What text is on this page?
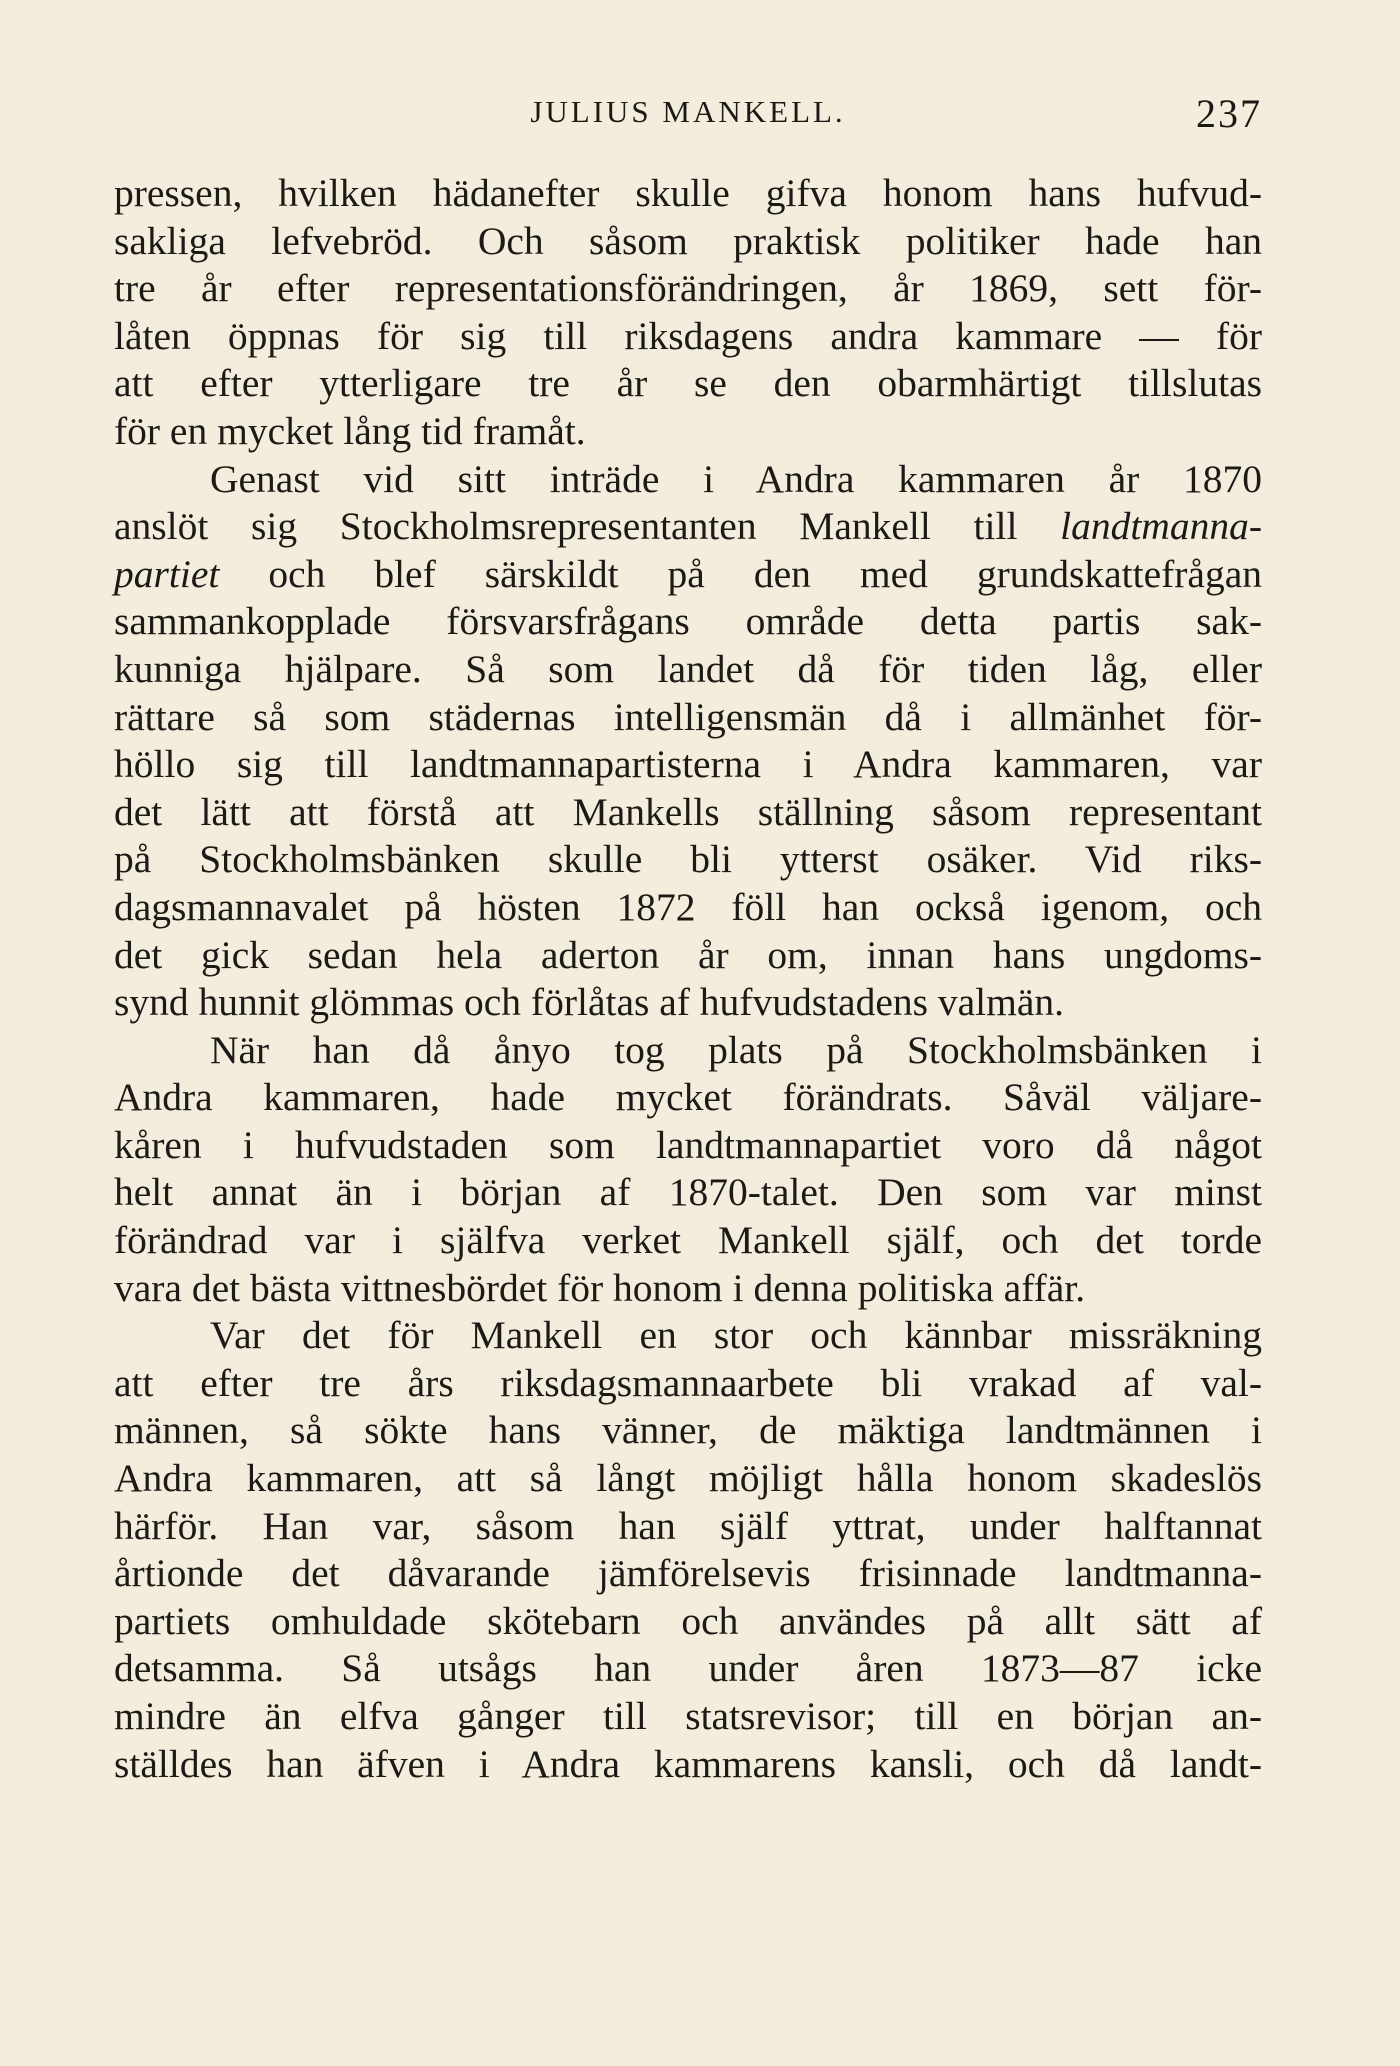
JULIUS MANKELL.	237
pressen, hvilken hädanefter skulle gifva honom hans hufvud-
sakliga lefvebröd. Och såsom praktisk politiker hade han
tre år efter representationsförändringen, år 1869, sett för-
låten öppnas för sig till riksdagens andra kammare — för
att efter ytterligare tre år se den obarmhärtigt tillslutas
för en mycket lång tid framåt.
Genast vid sitt inträde i Andra kammaren år 1870
anslöt sig Stockholmsrepresentanten Mankell till landtmanna-
partiet och blef särskildt på den med grundskattefrågan
sammankopplade försvarsfrågans område detta partis sak-
kunniga hjälpare. Så som landet då för tiden låg, eller
rättare så som städernas intelligensmän då i allmänhet för-
höllo sig till landtmannapartisterna i Andra kammaren, var
det lätt att förstå att Mankells ställning såsom representant
på Stockholmsbänken skulle bli ytterst osäker. Vid riks-
dagsmannavalet på hösten 1872 föll han också igenom, och
det gick sedan hela aderton år om, innan hans ungdoms-
synd hunnit glömmas och förlåtas af hufvudstadens valmän.
När han då ånyo tog plats på Stockholmsbänken i
Andra kammaren, hade mycket förändrats. Såväl väljare-
kåren i hufvudstaden som landtmannapartiet voro då något
helt annat än i början af 1870-talet. Den som var minst
förändrad var i själfva verket Mankell själf, och det torde
vara det bästa vittnesbördet för honom i denna politiska affär.
Var det för Mankell en stor och kännbar missräkning
att efter tre års riksdagsmannaarbete bli vrakad af val-
männen, så sökte hans vänner, de mäktiga landtmännen i
Andra kammaren, att så långt möjligt hålla honom skadeslös
härför. Han var, såsom han själf yttrat, under halftannat
årtionde det dåvarande jämförelsevis frisinnade landtmanna-
partiets omhuldade skötebarn och användes på allt sätt af
detsamma. Så utsågs han under åren 1873—87 icke
mindre än elfva gånger till statsrevisor; till en början an-
ställdes han äfven i Andra kammarens kansli, och då landt-
